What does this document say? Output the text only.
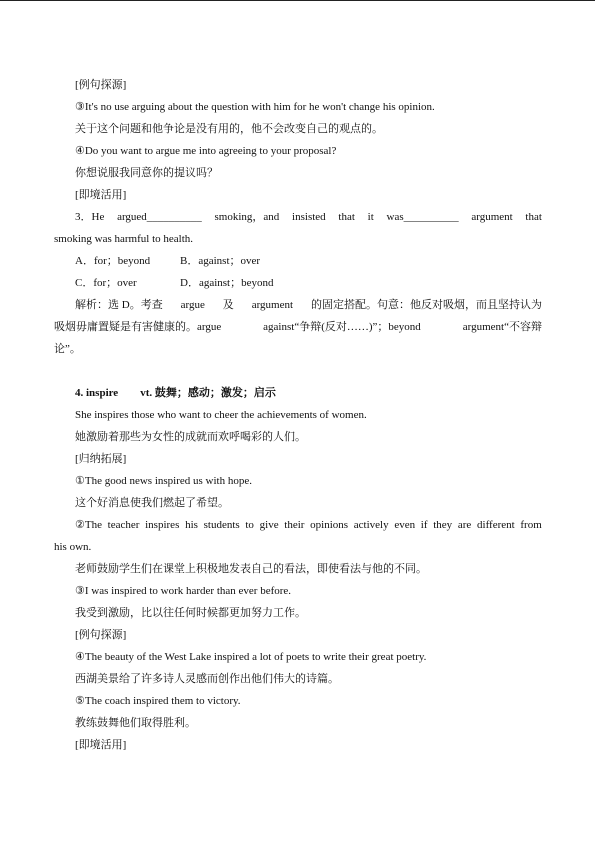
[例句探源]
③It's no use arguing about the question with him for he won't change his opinion.
关于这个问题和他争论是没有用的，他不会改变自己的观点的。
④Do you want to argue me into agreeing to your proposal?
你想说服我同意你的提议吗？
[即境活用]
3．He argued__________ smoking，and insisted that it was__________ argument that
smoking was harmful to health.
A．for；beyond	B．against；over
C．for；over	D．against；beyond
解析：选 D。考查 argue 及 argument 的固定搭配。句意：他反对吸烟，而且坚持认为
吸烟毋庸置疑是有害健康的。argue	against“争辩(反对……)”；beyond	argument“不容辩
论”。
4. inspire　　vt. 鼓舞；感动；激发；启示
She inspires those who want to cheer the achievements of women.
她激励着那些为女性的成就而欢呼喝彩的人们。
[归纳拓展]
①The good news inspired us with hope.
这个好消息使我们燃起了希望。
②The teacher inspires his students to give their opinions actively even if they are different from
his own.
老师鼓励学生们在课堂上积极地发表自己的看法，即使看法与他的不同。
③I was inspired to work harder than ever before.
我受到激励，比以往任何时候都更加努力工作。
[例句探源]
④The beauty of the West Lake inspired a lot of poets to write their great poetry.
西湖美景给了许多诗人灵感而创作出他们伟大的诗篇。
⑤The coach inspired them to victory.
教练鼓舞他们取得胜利。
[即境活用]
